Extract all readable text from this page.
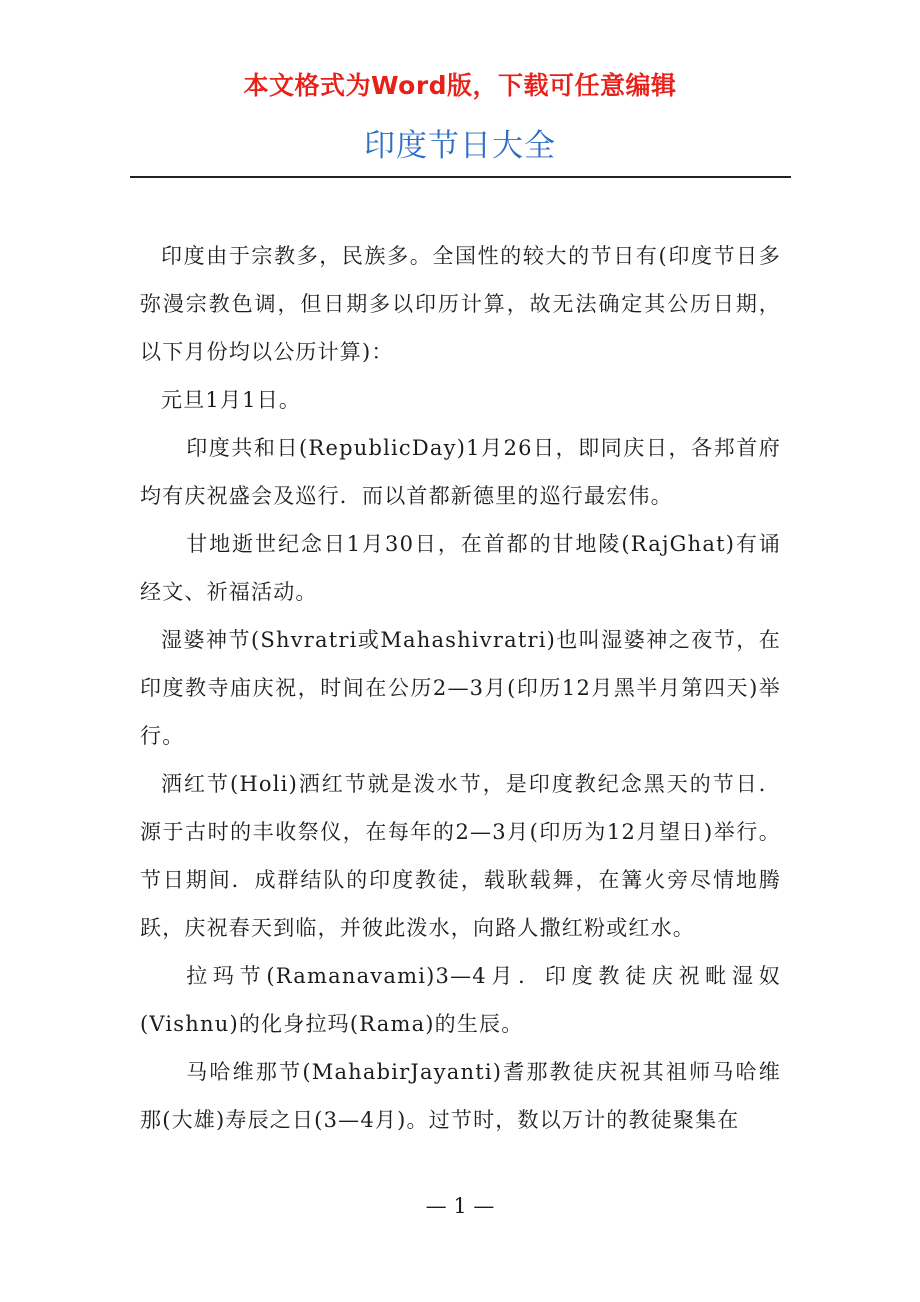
本文格式为Word版，下载可任意编辑
印度节日大全

印度由于宗教多，民族多。全国性的较大的节日有(印度节日多弥漫宗教色调，但日期多以印历计算，故无法确定其公历日期，以下月份均以公历计算)：

元旦1月1日。

印度共和日(RepublicDay)1月26日，即同庆日，各邦首府均有庆祝盛会及巡行．而以首都新德里的巡行最宏伟。

甘地逝世纪念日1月30日，在首都的甘地陵(RajGhat)有诵经文、祈福活动。

湿婆神节(Shvratri或Mahashivratri)也叫湿婆神之夜节，在印度教寺庙庆祝，时间在公历2—3月(印历12月黑半月第四天)举行。

洒红节(Holi)洒红节就是泼水节，是印度教纪念黑天的节日．源于古时的丰收祭仪，在每年的2—3月(印历为12月望日)举行。节日期间．成群结队的印度教徒，载耿载舞，在篝火旁尽情地腾跃，庆祝春天到临，并彼此泼水，向路人撒红粉或红水。

拉玛节(Ramanavami)3—4月．印度教徒庆祝毗湿奴(Vishnu)的化身拉玛(Rama)的生辰。

马哈维那节(MahabirJayanti)耆那教徒庆祝其祖师马哈维那(大雄)寿辰之日(3—4月)。过节时，数以万计的教徒聚集在

— 1 —
